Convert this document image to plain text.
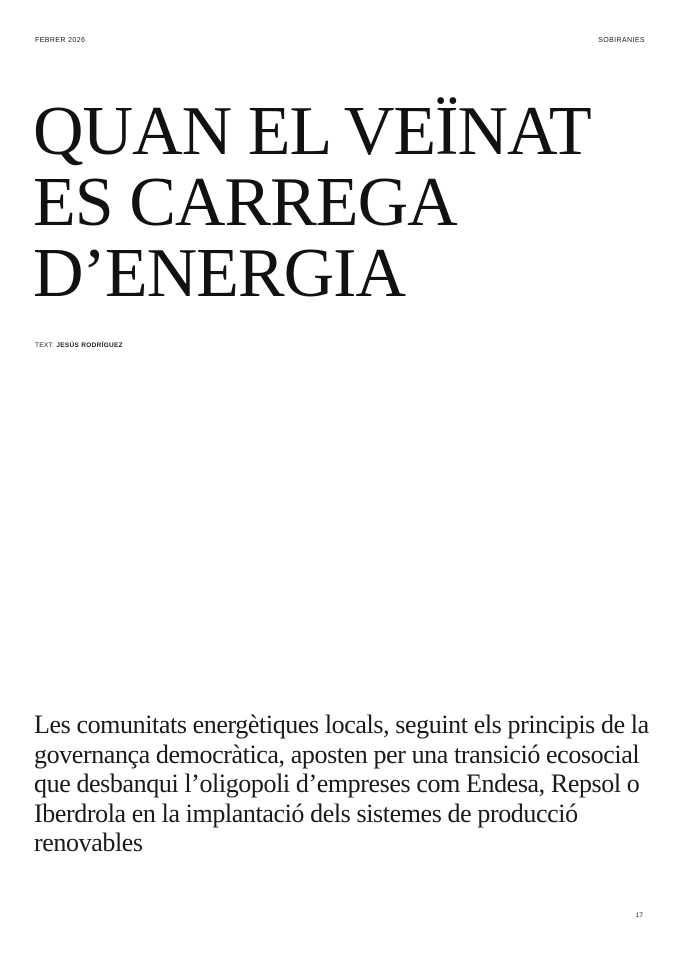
FEBRER 2026	SOBIRANIES
QUAN EL VEÏNAT
ES CARREGA
D’ENERGIA
TEXT: JESÚS RODRÍGUEZ

Les comunitats energètiques locals, seguint els principis de la governança democràtica, aposten per una transició ecosocial que desbanqui l’oligopoli d’empreses com Endesa, Repsol o Iberdrola en la implantació dels sistemes de producció renovables

17
